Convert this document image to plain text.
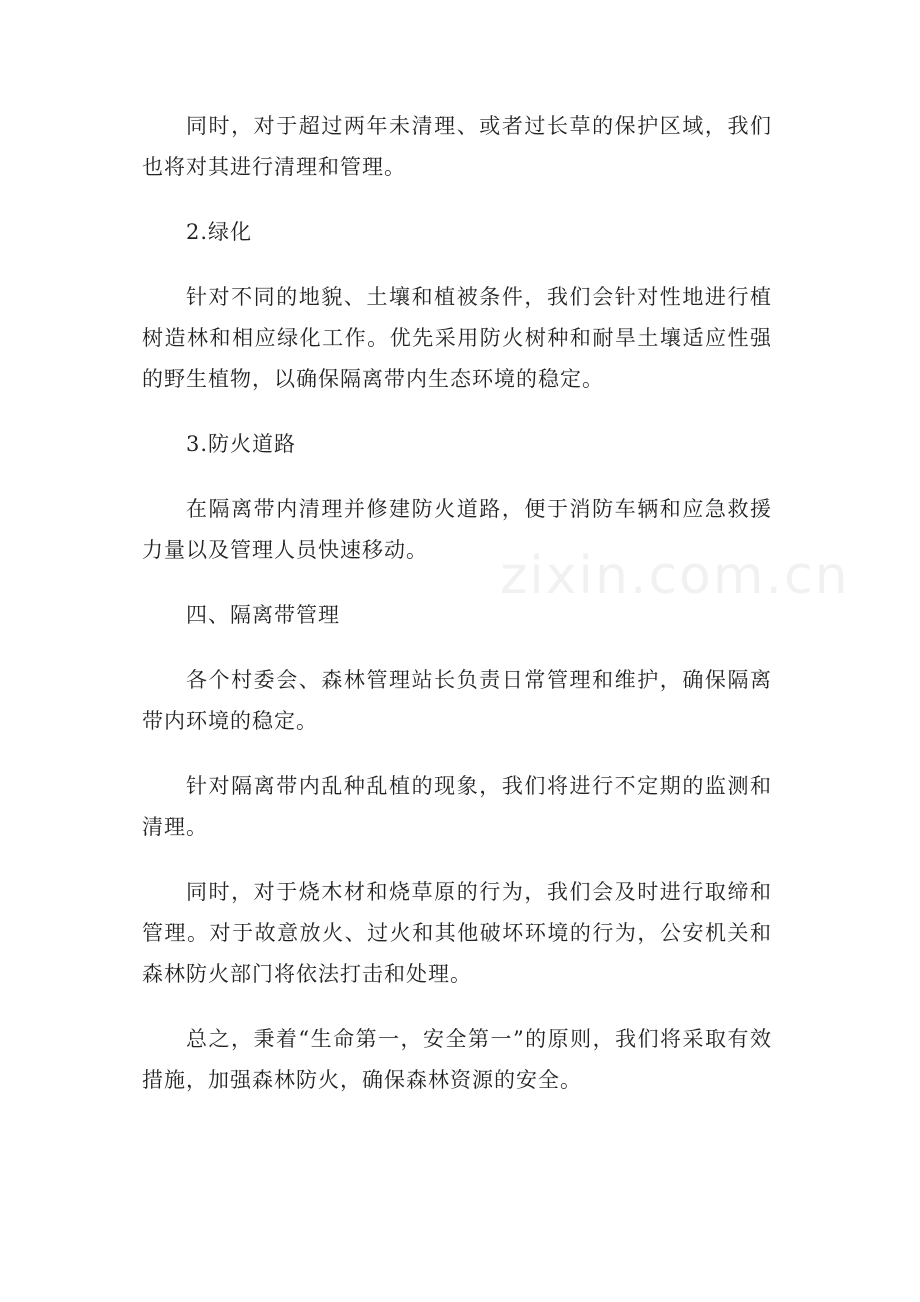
同时，对于超过两年未清理、或者过长草的保护区域，我们也将对其进行清理和管理。

2.绿化

针对不同的地貌、土壤和植被条件，我们会针对性地进行植树造林和相应绿化工作。优先采用防火树种和耐旱土壤适应性强的野生植物，以确保隔离带内生态环境的稳定。

3.防火道路

在隔离带内清理并修建防火道路，便于消防车辆和应急救援力量以及管理人员快速移动。

四、隔离带管理

各个村委会、森林管理站长负责日常管理和维护，确保隔离带内环境的稳定。

针对隔离带内乱种乱植的现象，我们将进行不定期的监测和清理。

同时，对于烧木材和烧草原的行为，我们会及时进行取缔和管理。对于故意放火、过火和其他破坏环境的行为，公安机关和森林防火部门将依法打击和处理。

总之，秉着“生命第一，安全第一”的原则，我们将采取有效措施，加强森林防火，确保森林资源的安全。

zixin.com.cn
